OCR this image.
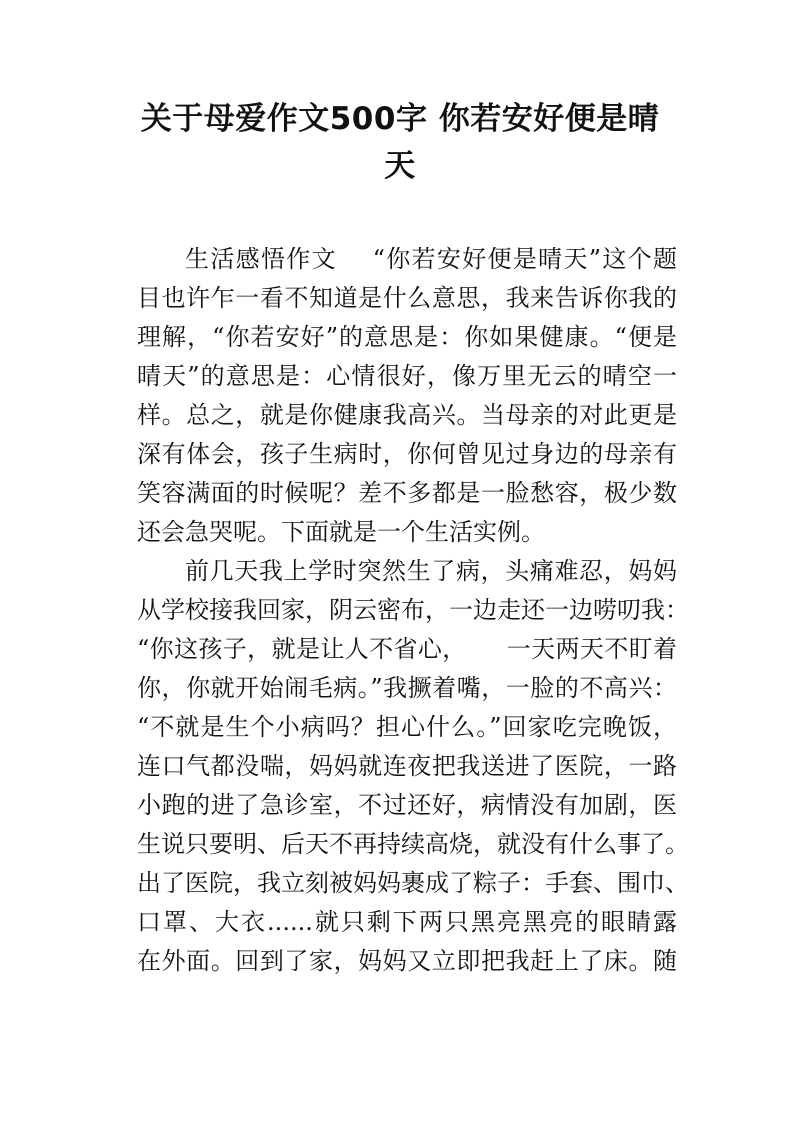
关于母爱作文500字 你若安好便是晴
天
生活感悟作文    “你若安好便是晴天”这个题
目也许乍一看不知道是什么意思，我来告诉你我的
理解，“你若安好”的意思是：你如果健康。“便是
晴天”的意思是：心情很好，像万里无云的晴空一
样。总之，就是你健康我高兴。当母亲的对此更是
深有体会，孩子生病时，你何曾见过身边的母亲有
笑容满面的时候呢？差不多都是一脸愁容，极少数
还会急哭呢。下面就是一个生活实例。
前几天我上学时突然生了病，头痛难忍，妈妈
从学校接我回家，阴云密布，一边走还一边唠叨我：
“你这孩子，就是让人不省心，     一天两天不盯着
你，你就开始闹毛病。”我撅着嘴，一脸的不高兴：
“不就是生个小病吗？担心什么。”回家吃完晚饭，
连口气都没喘，妈妈就连夜把我送进了医院，一路
小跑的进了急诊室，不过还好，病情没有加剧，医
生说只要明、后天不再持续高烧，就没有什么事了。
出了医院，我立刻被妈妈裹成了粽子：手套、围巾、
口罩、大衣......就只剩下两只黑亮黑亮的眼睛露
在外面。回到了家，妈妈又立即把我赶上了床。随
